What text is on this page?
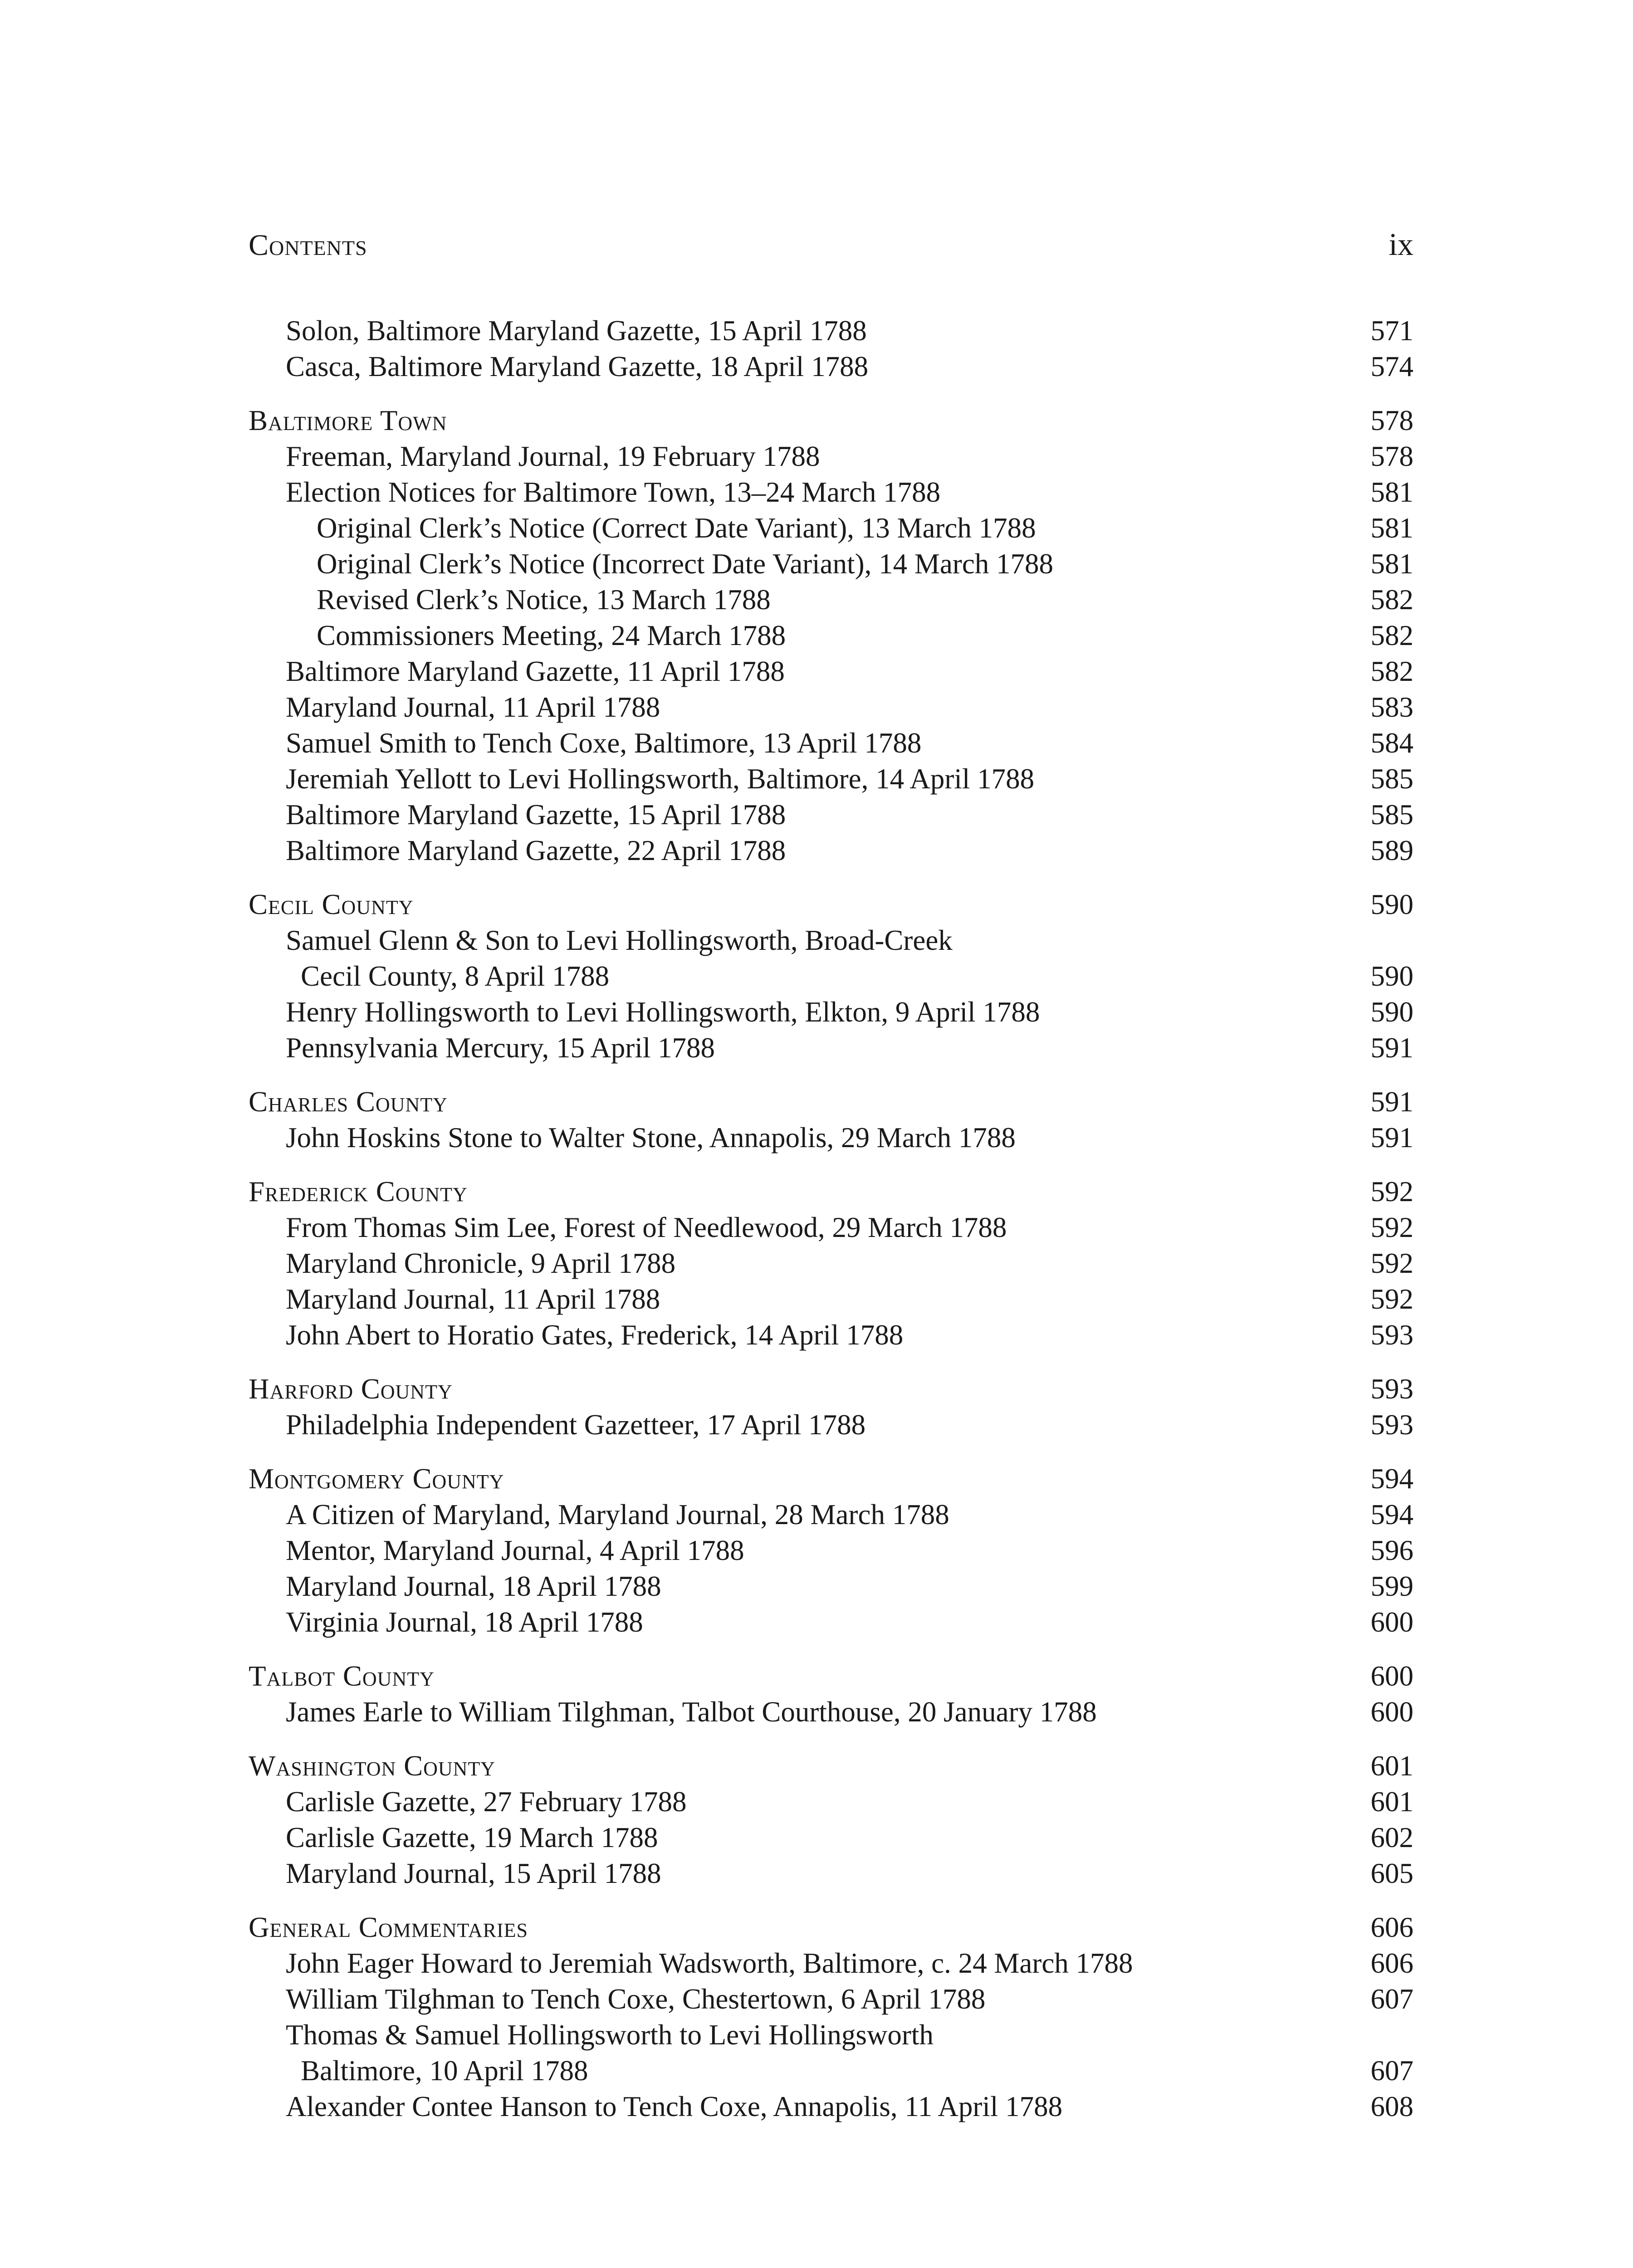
Contents	ix
Solon, Baltimore Maryland Gazette, 15 April 1788	571
Casca, Baltimore Maryland Gazette, 18 April 1788	574
Baltimore Town	578
Freeman, Maryland Journal, 19 February 1788	578
Election Notices for Baltimore Town, 13–24 March 1788	581
Original Clerk’s Notice (Correct Date Variant), 13 March 1788	581
Original Clerk’s Notice (Incorrect Date Variant), 14 March 1788	581
Revised Clerk’s Notice, 13 March 1788	582
Commissioners Meeting, 24 March 1788	582
Baltimore Maryland Gazette, 11 April 1788	582
Maryland Journal, 11 April 1788	583
Samuel Smith to Tench Coxe, Baltimore, 13 April 1788	584
Jeremiah Yellott to Levi Hollingsworth, Baltimore, 14 April 1788	585
Baltimore Maryland Gazette, 15 April 1788	585
Baltimore Maryland Gazette, 22 April 1788	589
Cecil County	590
Samuel Glenn & Son to Levi Hollingsworth, Broad-Creek
Cecil County, 8 April 1788	590
Henry Hollingsworth to Levi Hollingsworth, Elkton, 9 April 1788	590
Pennsylvania Mercury, 15 April 1788	591
Charles County	591
John Hoskins Stone to Walter Stone, Annapolis, 29 March 1788	591
Frederick County	592
From Thomas Sim Lee, Forest of Needlewood, 29 March 1788	592
Maryland Chronicle, 9 April 1788	592
Maryland Journal, 11 April 1788	592
John Abert to Horatio Gates, Frederick, 14 April 1788	593
Harford County	593
Philadelphia Independent Gazetteer, 17 April 1788	593
Montgomery County	594
A Citizen of Maryland, Maryland Journal, 28 March 1788	594
Mentor, Maryland Journal, 4 April 1788	596
Maryland Journal, 18 April 1788	599
Virginia Journal, 18 April 1788	600
Talbot County	600
James Earle to William Tilghman, Talbot Courthouse, 20 January 1788	600
Washington County	601
Carlisle Gazette, 27 February 1788	601
Carlisle Gazette, 19 March 1788	602
Maryland Journal, 15 April 1788	605
General Commentaries	606
John Eager Howard to Jeremiah Wadsworth, Baltimore, c. 24 March 1788	606
William Tilghman to Tench Coxe, Chestertown, 6 April 1788	607
Thomas & Samuel Hollingsworth to Levi Hollingsworth
Baltimore, 10 April 1788	607
Alexander Contee Hanson to Tench Coxe, Annapolis, 11 April 1788	608
